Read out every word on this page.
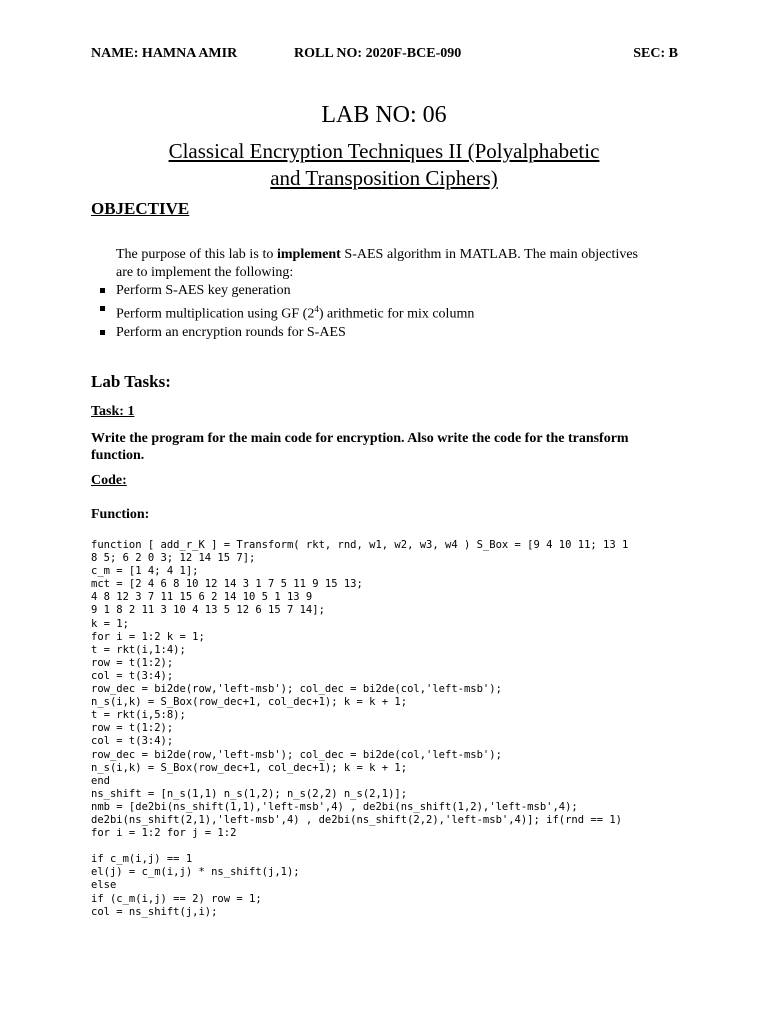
NAME: HAMNA AMIR	ROLL NO: 2020F-BCE-090	SEC: B
LAB NO: 06
Classical Encryption Techniques II (Polyalphabetic
and Transposition Ciphers)
OBJECTIVE
The purpose of this lab is to implement S-AES algorithm in MATLAB. The main objectives are to implement the following:
Perform S-AES key generation
Perform multiplication using GF $(2^4)$ arithmetic for mix column
Perform an encryption rounds for S-AES
Lab Tasks:
Task: 1
Write the program for the main code for encryption. Also write the code for the transform function.
Code:
Function:
function [ add_r_K ] = Transform( rkt, rnd, w1, w2, w3, w4 ) S_Box = [9 4 10 11; 13 1
8 5; 6 2 0 3; 12 14 15 7];
c_m = [1 4; 4 1];
mct = [2 4 6 8 10 12 14 3 1 7 5 11 9 15 13;
4 8 12 3 7 11 15 6 2 14 10 5 1 13 9
9 1 8 2 11 3 10 4 13 5 12 6 15 7 14];
k = 1;
for i = 1:2 k = 1;
t = rkt(i,1:4);
row = t(1:2);
col = t(3:4);
row_dec = bi2de(row,'left-msb'); col_dec = bi2de(col,'left-msb');
n_s(i,k) = S_Box(row_dec+1, col_dec+1); k = k + 1;
t = rkt(i,5:8);
row = t(1:2);
col = t(3:4);
row_dec = bi2de(row,'left-msb'); col_dec = bi2de(col,'left-msb');
n_s(i,k) = S_Box(row_dec+1, col_dec+1); k = k + 1;
end
ns_shift = [n_s(1,1) n_s(1,2); n_s(2,2) n_s(2,1)];
nmb = [de2bi(ns_shift(1,1),'left-msb',4) , de2bi(ns_shift(1,2),'left-msb',4);
de2bi(ns_shift(2,1),'left-msb',4) , de2bi(ns_shift(2,2),'left-msb',4)]; if(rnd == 1)
for i = 1:2 for j = 1:2
if c_m(i,j) == 1
el(j) = c_m(i,j) * ns_shift(j,1);
else
if (c_m(i,j) == 2) row = 1;
col = ns_shift(j,i);
